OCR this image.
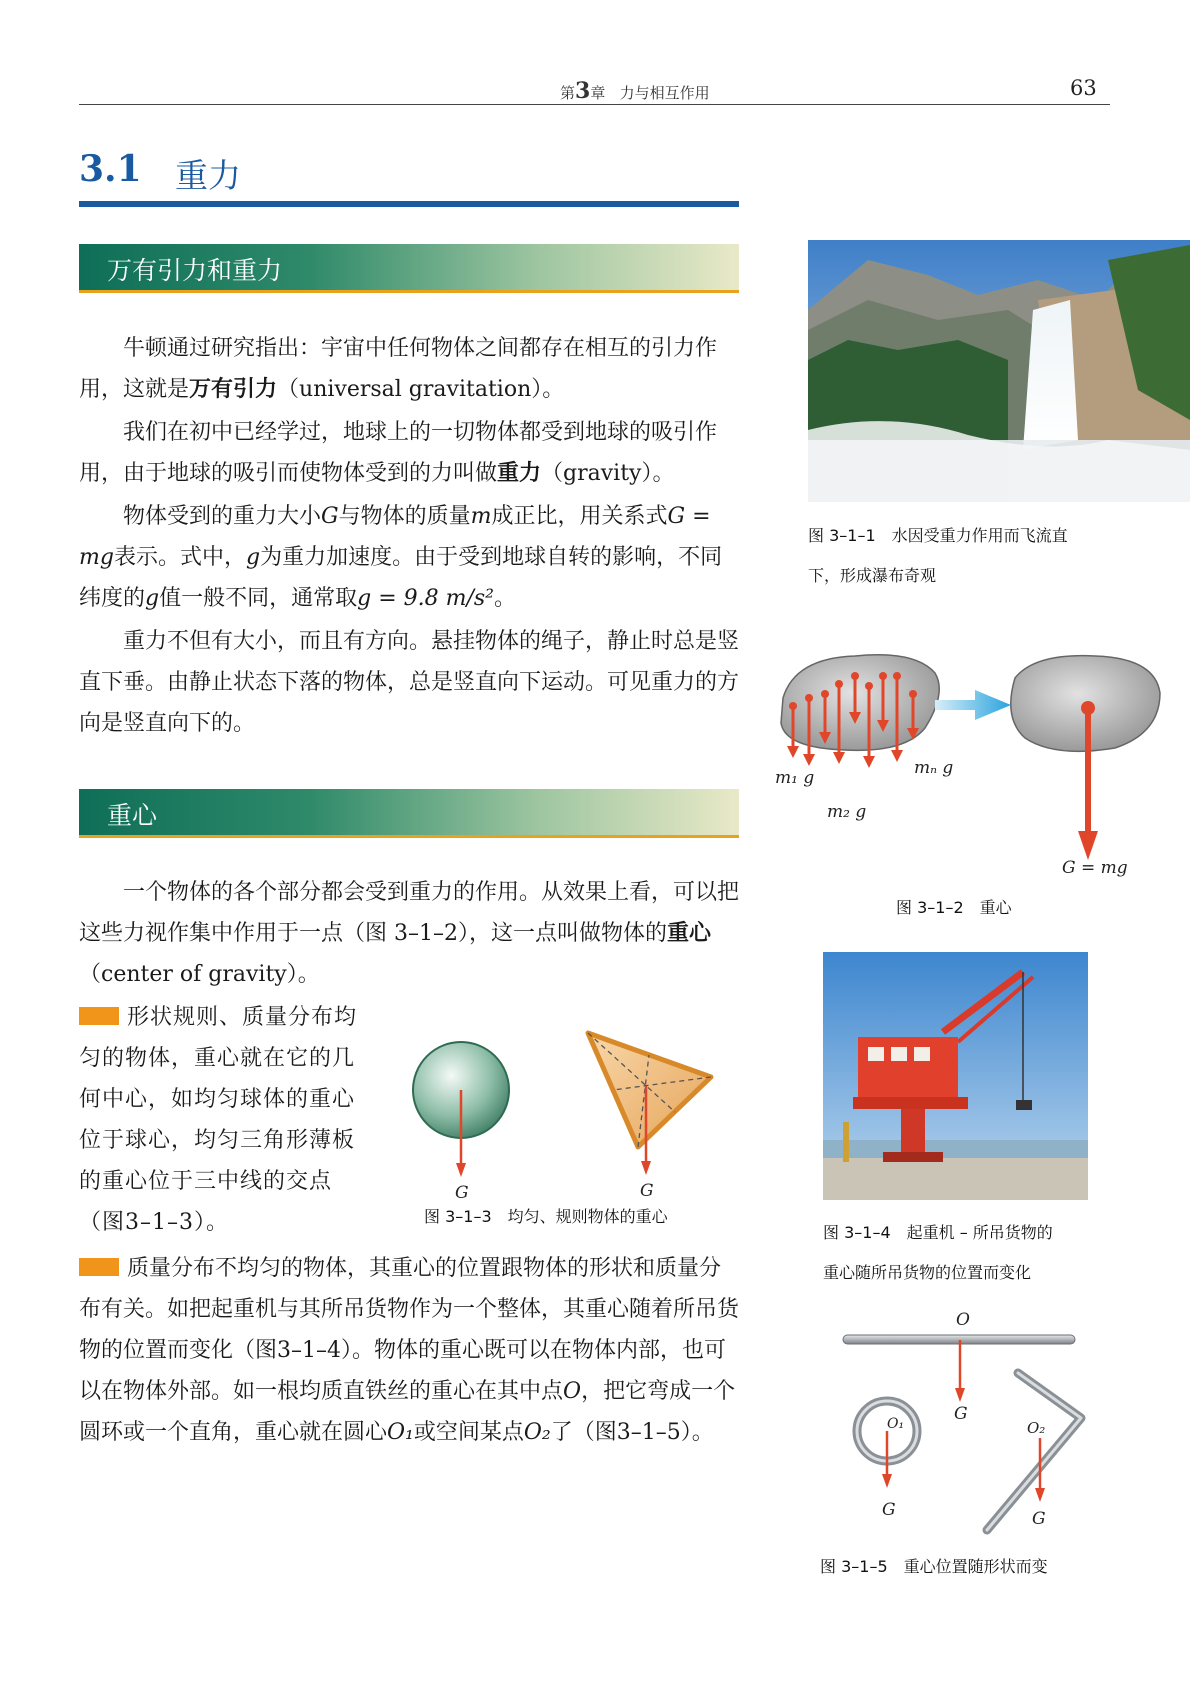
第3章 力与相互作用	63
3.1 重力
万有引力和重力
牛顿通过研究指出：宇宙中任何物体之间都存在相互的引力作用，这就是万有引力（universal gravitation）。
我们在初中已经学过，地球上的一切物体都受到地球的吸引作用，由于地球的吸引而使物体受到的力叫做重力（gravity）。
物体受到的重力大小G与物体的质量m成正比，用关系式G = mg表示。式中，g为重力加速度。由于受到地球自转的影响，不同纬度的g值一般不同，通常取g = 9.8 m/s²。
重力不但有大小，而且有方向。悬挂物体的绳子，静止时总是竖直下垂。由静止状态下落的物体，总是竖直向下运动。可见重力的方向是竖直向下的。
重心
一个物体的各个部分都会受到重力的作用。从效果上看，可以把这些力视作集中作用于一点（图 3–1–2），这一点叫做物体的重心（center of gravity）。
形状规则、质量分布均匀的物体，重心就在它的几何中心，如均匀球体的重心位于球心，均匀三角形薄板的重心位于三中线的交点（图3–1–3）。
质量分布不均匀的物体，其重心的位置跟物体的形状和质量分布有关。如把起重机与其所吊货物作为一个整体，其重心随着所吊货物的位置而变化（图3–1–4）。物体的重心既可以在物体内部，也可以在物体外部。如一根均质直铁丝的重心在其中点O，把它弯成一个圆环或一个直角，重心就在圆心O₁或空间某点O₂了（图3–1–5）。
图 3–1–1　水因受重力作用而飞流直
下，形成瀑布奇观
m₁ g
m₂ g
mₙ g
G = mg
图 3–1–2　重心
G	G
图 3–1–3　均匀、规则物体的重心
图 3–1–4　起重机 – 所吊货物的
重心随所吊货物的位置而变化
O
G
O₁
G
O₂
G
图 3–1–5　重心位置随形状而变
